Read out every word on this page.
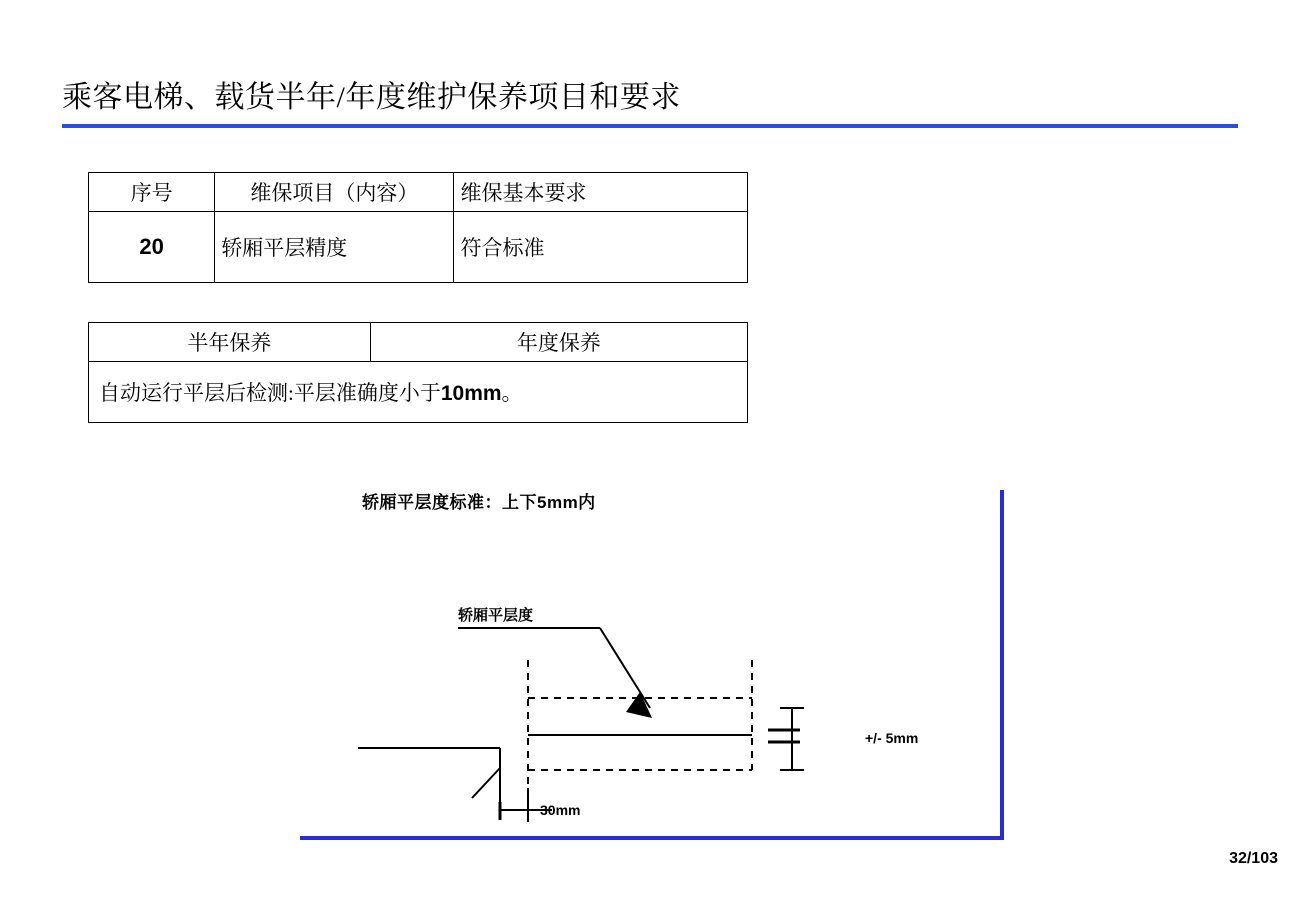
乘客电梯、载货半年/年度维护保养项目和要求
序号	维保项目（内容）	维保基本要求
20	轿厢平层精度	符合标准
半年保养	年度保养
自动运行平层后检测:平层准确度小于10mm。
轿厢平层度标准：上下5mm内
轿厢平层度
+/- 5mm
30mm
32/103
